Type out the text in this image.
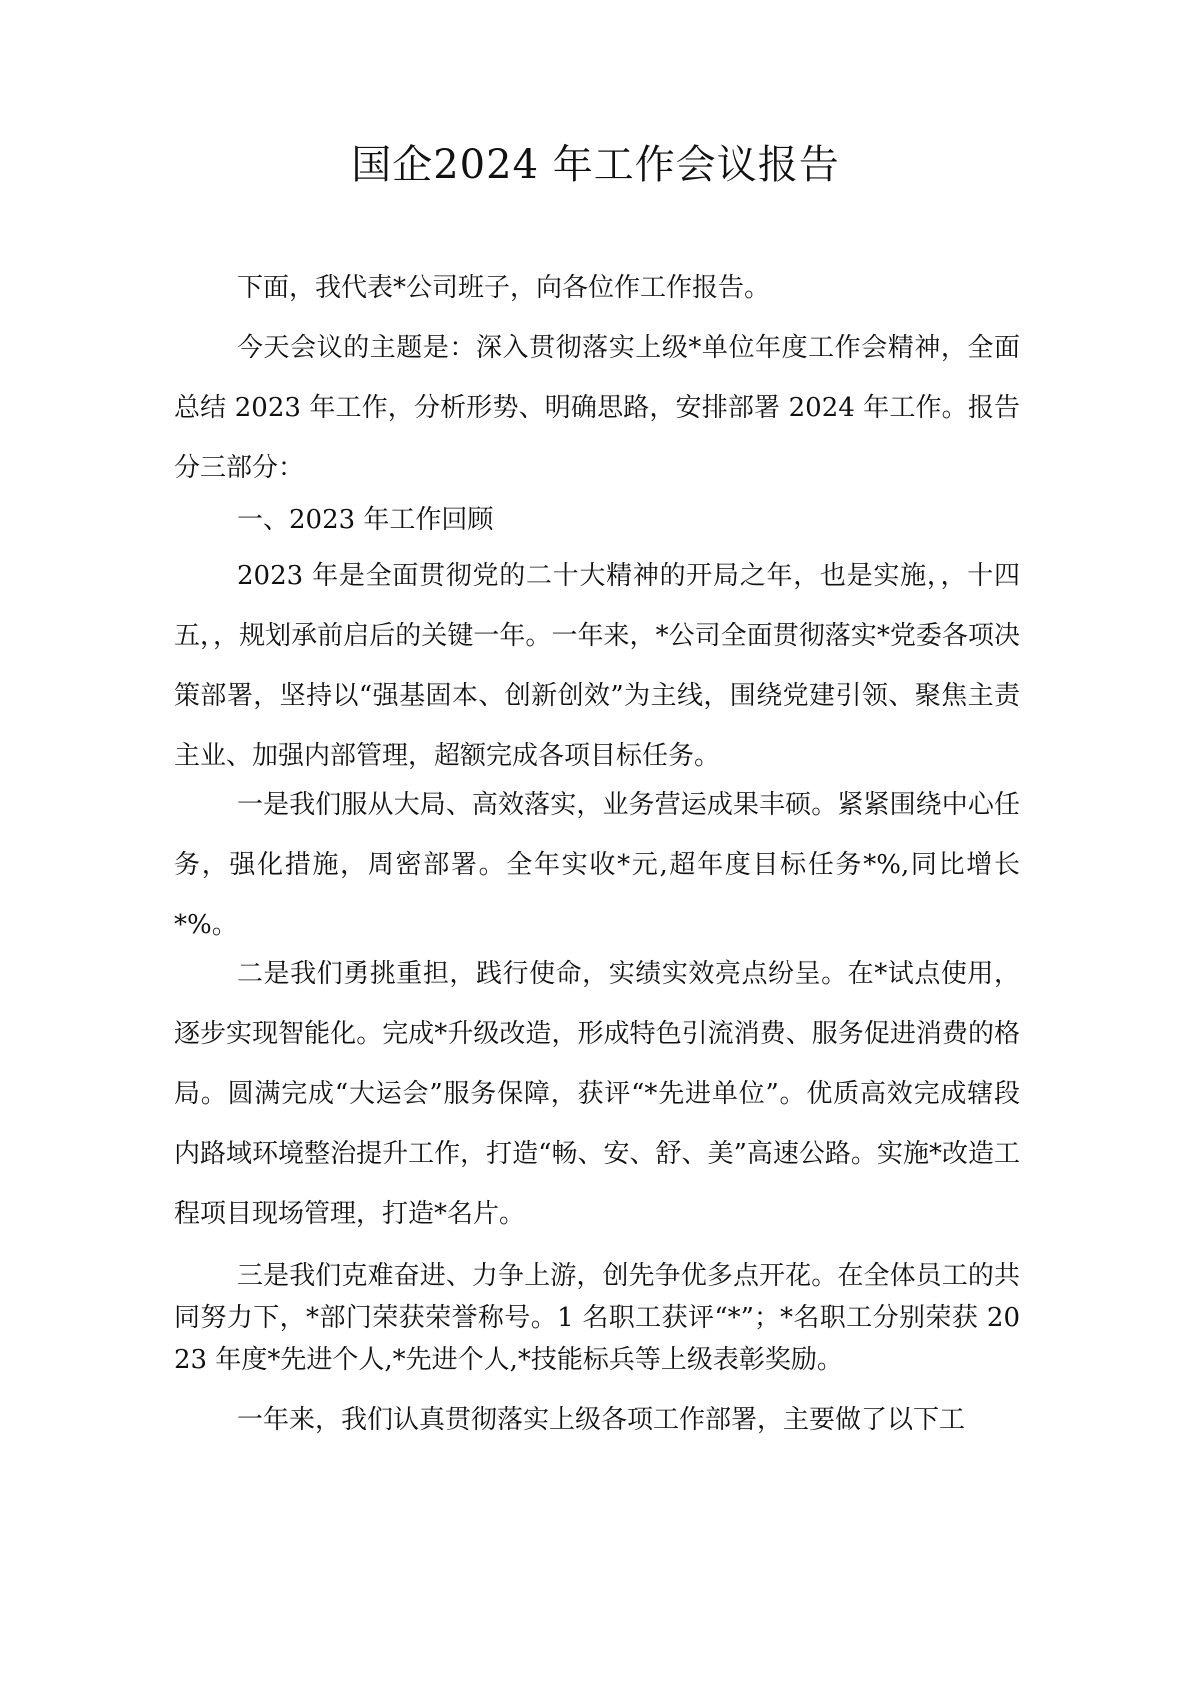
国企2024 年工作会议报告

下面，我代表*公司班子，向各位作工作报告。

今天会议的主题是：深入贯彻落实上级*单位年度工作会精神，全面总结 2023 年工作，分析形势、明确思路，安排部署 2024 年工作。报告分三部分：

一、2023 年工作回顾

2023 年是全面贯彻党的二十大精神的开局之年，也是实施，，十四五，，规划承前启后的关键一年。一年来，*公司全面贯彻落实*党委各项决策部署，坚持以“强基固本、创新创效”为主线，围绕党建引领、聚焦主责主业、加强内部管理，超额完成各项目标任务。

一是我们服从大局、高效落实，业务营运成果丰硕。紧紧围绕中心任务，强化措施，周密部署。全年实收*元,超年度目标任务*%,同比增长*%。

二是我们勇挑重担，践行使命，实绩实效亮点纷呈。在*试点使用，逐步实现智能化。完成*升级改造，形成特色引流消费、服务促进消费的格局。圆满完成“大运会”服务保障，获评“*先进单位”。优质高效完成辖段内路域环境整治提升工作，打造“畅、安、舒、美”高速公路。实施*改造工程项目现场管理，打造*名片。

三是我们克难奋进、力争上游，创先争优多点开花。在全体员工的共同努力下，*部门荣获荣誉称号。1 名职工获评“*”；*名职工分别荣获 2023 年度*先进个人,*先进个人,*技能标兵等上级表彰奖励。

一年来，我们认真贯彻落实上级各项工作部署，主要做了以下工
